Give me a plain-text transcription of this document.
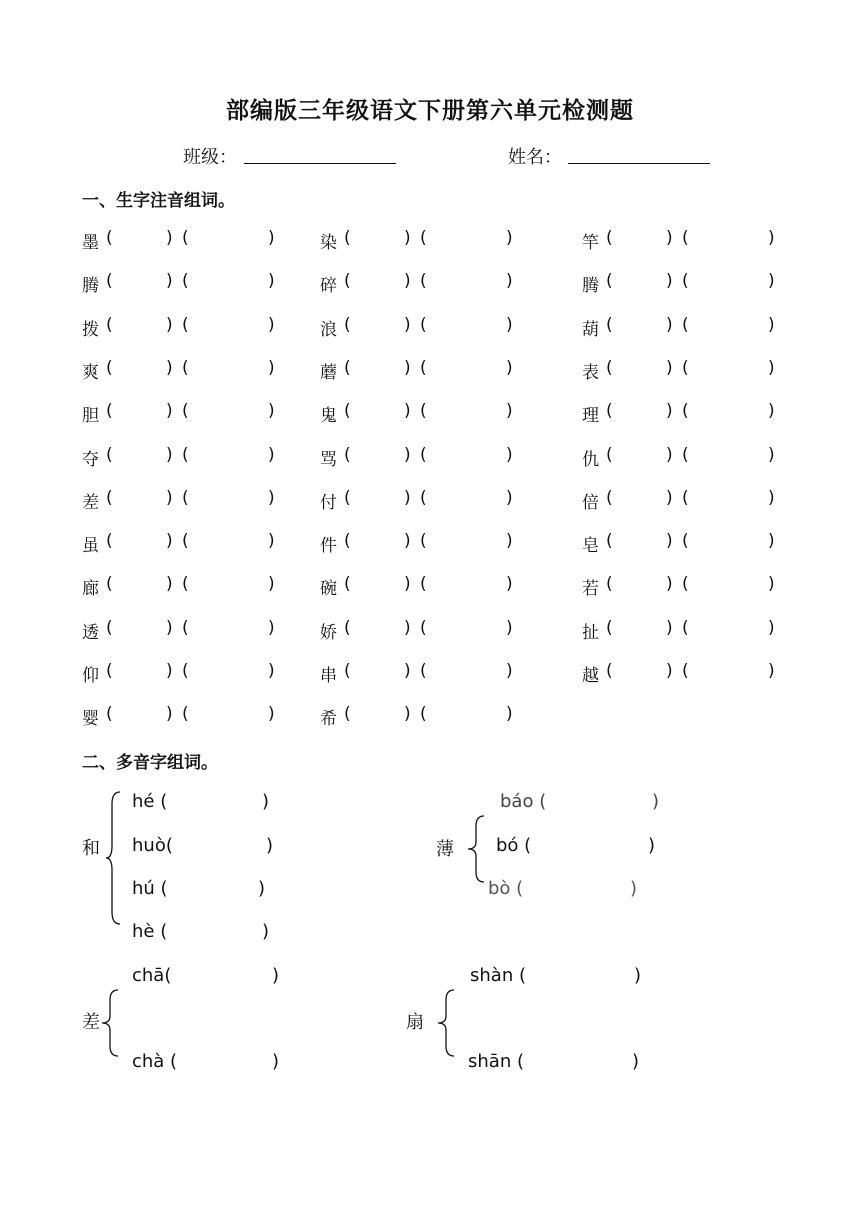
部编版三年级语文下册第六单元检测题
班级：	姓名：
一、生字注音组词。
墨 (	) (	)	染 (	) (	)	竿 (	) (	)
腾 (	) (	)	碎 (	) (	)	腾 (	) (	)
拨 (	) (	)	浪 (	) (	)	葫 (	) (	)
爽 (	) (	)	蘑 (	) (	)	表 (	) (	)
胆 (	) (	)	鬼 (	) (	)	理 (	) (	)
夺 (	) (	)	骂 (	) (	)	仇 (	) (	)
差 (	) (	)	付 (	) (	)	倍 (	) (	)
虽 (	) (	)	件 (	) (	)	皂 (	) (	)
廊 (	) (	)	碗 (	) (	)	若 (	) (	)
透 (	) (	)	娇 (	) (	)	扯 (	) (	)
仰 (	) (	)	串 (	) (	)	越 (	) (	)
婴 (	) (	)	希 (	) (	)
二、多音字组词。
和
hé (	)
huò(	)
hú (	)
hè (	)
薄
báo (	)
bó (	)
bò (	)
差
chā(	)
chà (	)
扇
shàn (	)
shān (	)
